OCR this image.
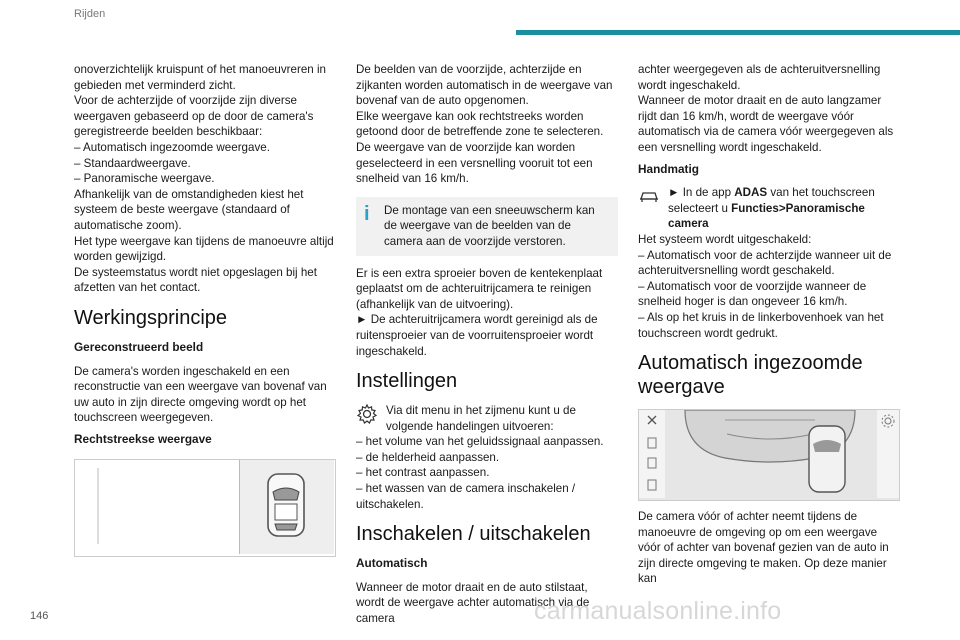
Rijden

onoverzichtelijk kruispunt of het manoeuvreren in gebieden met verminderd zicht.

Voor de achterzijde of voorzijde zijn diverse weergaven gebaseerd op de door de camera's geregistreerde beelden beschikbaar:

– Automatisch ingezoomde weergave.

– Standaardweergave.

– Panoramische weergave.

Afhankelijk van de omstandigheden kiest het systeem de beste weergave (standaard of automatische zoom).

Het type weergave kan tijdens de manoeuvre altijd worden gewijzigd.

De systeemstatus wordt niet opgeslagen bij het afzetten van het contact.

Werkingsprincipe
Gereconstrueerd beeld

De camera's worden ingeschakeld en een reconstructie van een weergave van bovenaf van uw auto in zijn directe omgeving wordt op het touchscreen weergegeven.

Rechtstreekse weergave

De beelden van de voorzijde, achterzijde en zijkanten worden automatisch in de weergave van bovenaf van de auto opgenomen.

Elke weergave kan ook rechtstreeks worden getoond door de betreffende zone te selecteren.

De weergave van de voorzijde kan worden geselecteerd in een versnelling vooruit tot een snelheid van 16 km/h.

i	De montage van een sneeuwscherm kan de weergave van de beelden van de camera aan de voorzijde verstoren.

Er is een extra sproeier boven de kentekenplaat geplaatst om de achteruitrijcamera te reinigen (afhankelijk van de uitvoering).

► De achteruitrijcamera wordt gereinigd als de ruitensproeier van de voorruitensproeier wordt ingeschakeld.

Instellingen

Via dit menu in het zijmenu kunt u de volgende handelingen uitvoeren:

– het volume van het geluidssignaal aanpassen.

– de helderheid aanpassen.

– het contrast aanpassen.

– het wassen van de camera inschakelen / uitschakelen.

Inschakelen / uitschakelen
Automatisch

Wanneer de motor draait en de auto stilstaat, wordt de weergave achter automatisch via de camera

achter weergegeven als de achteruitversnelling wordt ingeschakeld.

Wanneer de motor draait en de auto langzamer rijdt dan 16 km/h, wordt de weergave vóór automatisch via de camera vóór weergegeven als een versnelling wordt ingeschakeld.

Handmatig

► In de app ADAS van het touchscreen selecteert u Functies>Panoramische camera

Het systeem wordt uitgeschakeld:

– Automatisch voor de achterzijde wanneer uit de achteruitversnelling wordt geschakeld.

– Automatisch voor de voorzijde wanneer de snelheid hoger is dan ongeveer 16 km/h.

– Als op het kruis in de linkerbovenhoek van het touchscreen wordt gedrukt.

Automatisch ingezoomde weergave

De camera vóór of achter neemt tijdens de manoeuvre de omgeving op om een weergave vóór of achter van bovenaf gezien van de auto in zijn directe omgeving te maken. Op deze manier kan

146	carmanualsonline.info
